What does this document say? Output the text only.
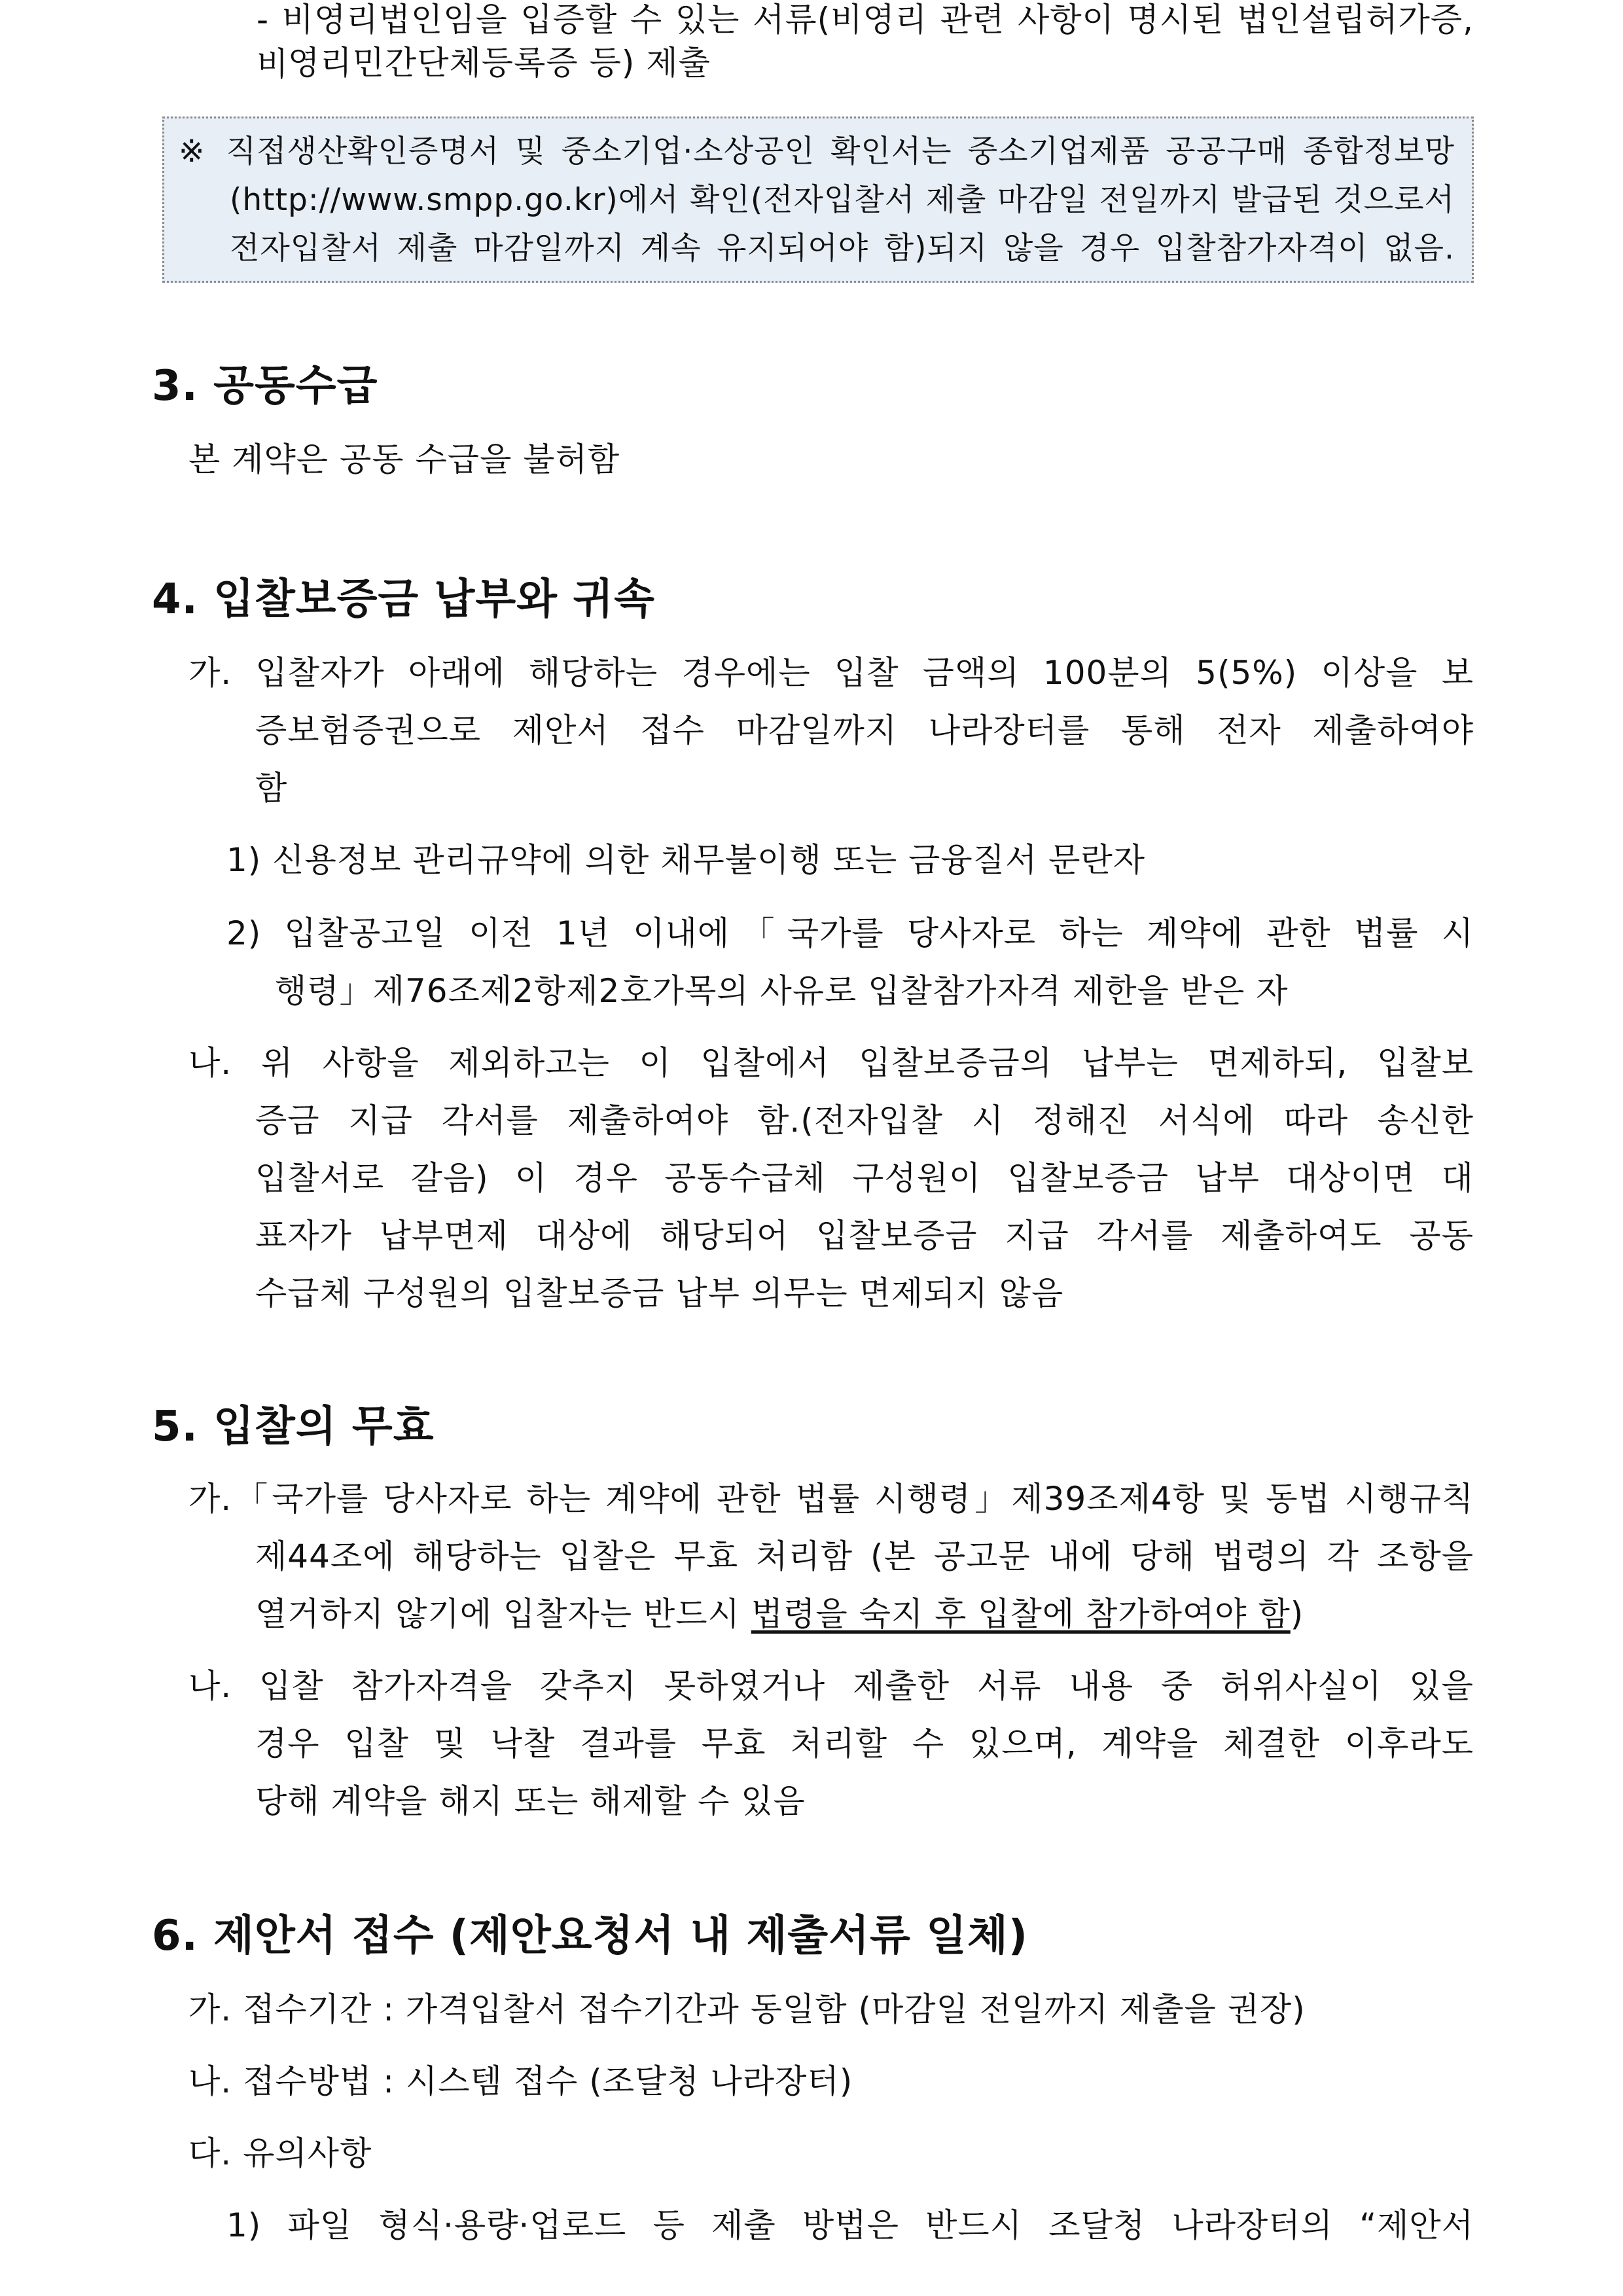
- 비영리법인임을 입증할 수 있는 서류(비영리 관련 사항이 명시된 법인설립허가증, 비
영리민간단체등록증 등) 제출
※ 직접생산확인증명서 및 중소기업·소상공인 확인서는 중소기업제품 공공구매 종합정보망
(http://www.smpp.go.kr)에서 확인(전자입찰서 제출 마감일 전일까지 발급된 것으로서
전자입찰서 제출 마감일까지 계속 유지되어야 함)되지 않을 경우 입찰참가자격이 없음.
3. 공동수급
본 계약은 공동 수급을 불허함
4. 입찰보증금 납부와 귀속
가. 입찰자가 아래에 해당하는 경우에는 입찰 금액의 100분의 5(5%) 이상을 보
증보험증권으로 제안서 접수 마감일까지 나라장터를 통해 전자 제출하여야
함
1) 신용정보 관리규약에 의한 채무불이행 또는 금융질서 문란자
2) 입찰공고일 이전 1년 이내에「국가를 당사자로 하는 계약에 관한 법률 시
행령」제76조제2항제2호가목의 사유로 입찰참가자격 제한을 받은 자
나. 위 사항을 제외하고는 이 입찰에서 입찰보증금의 납부는 면제하되, 입찰보
증금 지급 각서를 제출하여야 함.(전자입찰 시 정해진 서식에 따라 송신한
입찰서로 갈음) 이 경우 공동수급체 구성원이 입찰보증금 납부 대상이면 대
표자가 납부면제 대상에 해당되어 입찰보증금 지급 각서를 제출하여도 공동
수급체 구성원의 입찰보증금 납부 의무는 면제되지 않음
5. 입찰의 무효
가.「국가를 당사자로 하는 계약에 관한 법률 시행령」제39조제4항 및 동법 시행규칙
제44조에 해당하는 입찰은 무효 처리함 (본 공고문 내에 당해 법령의 각 조항을
열거하지 않기에 입찰자는 반드시 법령을 숙지 후 입찰에 참가하여야 함)
나. 입찰 참가자격을 갖추지 못하였거나 제출한 서류 내용 중 허위사실이 있을
경우 입찰 및 낙찰 결과를 무효 처리할 수 있으며, 계약을 체결한 이후라도
당해 계약을 해지 또는 해제할 수 있음
6. 제안서 접수 (제안요청서 내 제출서류 일체)
가. 접수기간 : 가격입찰서 접수기간과 동일함 (마감일 전일까지 제출을 권장)
나. 접수방법 : 시스템 접수 (조달청 나라장터)
다. 유의사항
1) 파일 형식·용량·업로드 등 제출 방법은 반드시 조달청 나라장터의 “제안서
